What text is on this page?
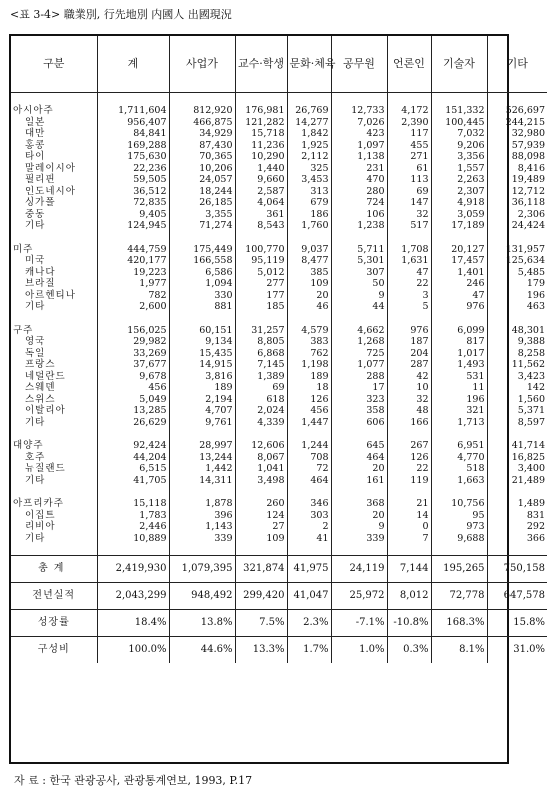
<표 3-4> 職業別, 行先地別 内國人 出國現況
구분	계	사업가	교수·학생	문화·체육	공무원	언론인	기술자	기타

아시아주	1,711,604	812,920	176,981	26,769	12,733	4,172	151,332	526,697
일본	956,407	466,875	121,282	14,277	7,026	2,390	100,445	244,215
대만	84,841	34,929	15,718	1,842	423	117	7,032	32,980
홍콩	169,288	87,430	11,236	1,925	1,097	455	9,206	57,939
타이	175,630	70,365	10,290	2,112	1,138	271	3,356	88,098
말레이시아	22,236	10,206	1,440	325	231	61	1,557	8,416
필리핀	59,505	24,057	9,660	3,453	470	113	2,263	19,489
인도네시아	36,512	18,244	2,587	313	280	69	2,307	12,712
싱가폴	72,835	26,185	4,064	679	724	147	4,918	36,118
중동	9,405	3,355	361	186	106	32	3,059	2,306
기타	124,945	71,274	8,543	1,760	1,238	517	17,189	24,424

미주	444,759	175,449	100,770	9,037	5,711	1,708	20,127	131,957
미국	420,177	166,558	95,119	8,477	5,301	1,631	17,457	125,634
캐나다	19,223	6,586	5,012	385	307	47	1,401	5,485
브라질	1,977	1,094	277	109	50	22	246	179
아르헨티나	782	330	177	20	9	3	47	196
기타	2,600	881	185	46	44	5	976	463

구주	156,025	60,151	31,257	4,579	4,662	976	6,099	48,301
영국	29,982	9,134	8,805	383	1,268	187	817	9,388
독일	33,269	15,435	6,868	762	725	204	1,017	8,258
프랑스	37,677	14,915	7,145	1,198	1,077	287	1,493	11,562
네덜란드	9,678	3,816	1,389	189	288	42	531	3,423
스웨덴	456	189	69	18	17	10	11	142
스위스	5,049	2,194	618	126	323	32	196	1,560
이탈리아	13,285	4,707	2,024	456	358	48	321	5,371
기타	26,629	9,761	4,339	1,447	606	166	1,713	8,597

대양주	92,424	28,997	12,606	1,244	645	267	6,951	41,714
호주	44,204	13,244	8,067	708	464	126	4,770	16,825
뉴질랜드	6,515	1,442	1,041	72	20	22	518	3,400
기타	41,705	14,311	3,498	464	161	119	1,663	21,489

아프리카주	15,118	1,878	260	346	368	21	10,756	1,489
이집트	1,783	396	124	303	20	14	95	831
리비아	2,446	1,143	27	2	9	0	973	292
기타	10,889	339	109	41	339	7	9,688	366

총계	2,419,930	1,079,395	321,874	41,975	24,119	7,144	195,265	750,158
전년실적	2,043,299	948,492	299,420	41,047	25,972	8,012	72,778	647,578
성장률	18.4%	13.8%	7.5%	2.3%	-7.1%	-10.8%	168.3%	15.8%
구성비	100.0%	44.6%	13.3%	1.7%	1.0%	0.3%	8.1%	31.0%
자 료 : 한국 관광공사, 관광통계연보, 1993, P.17
